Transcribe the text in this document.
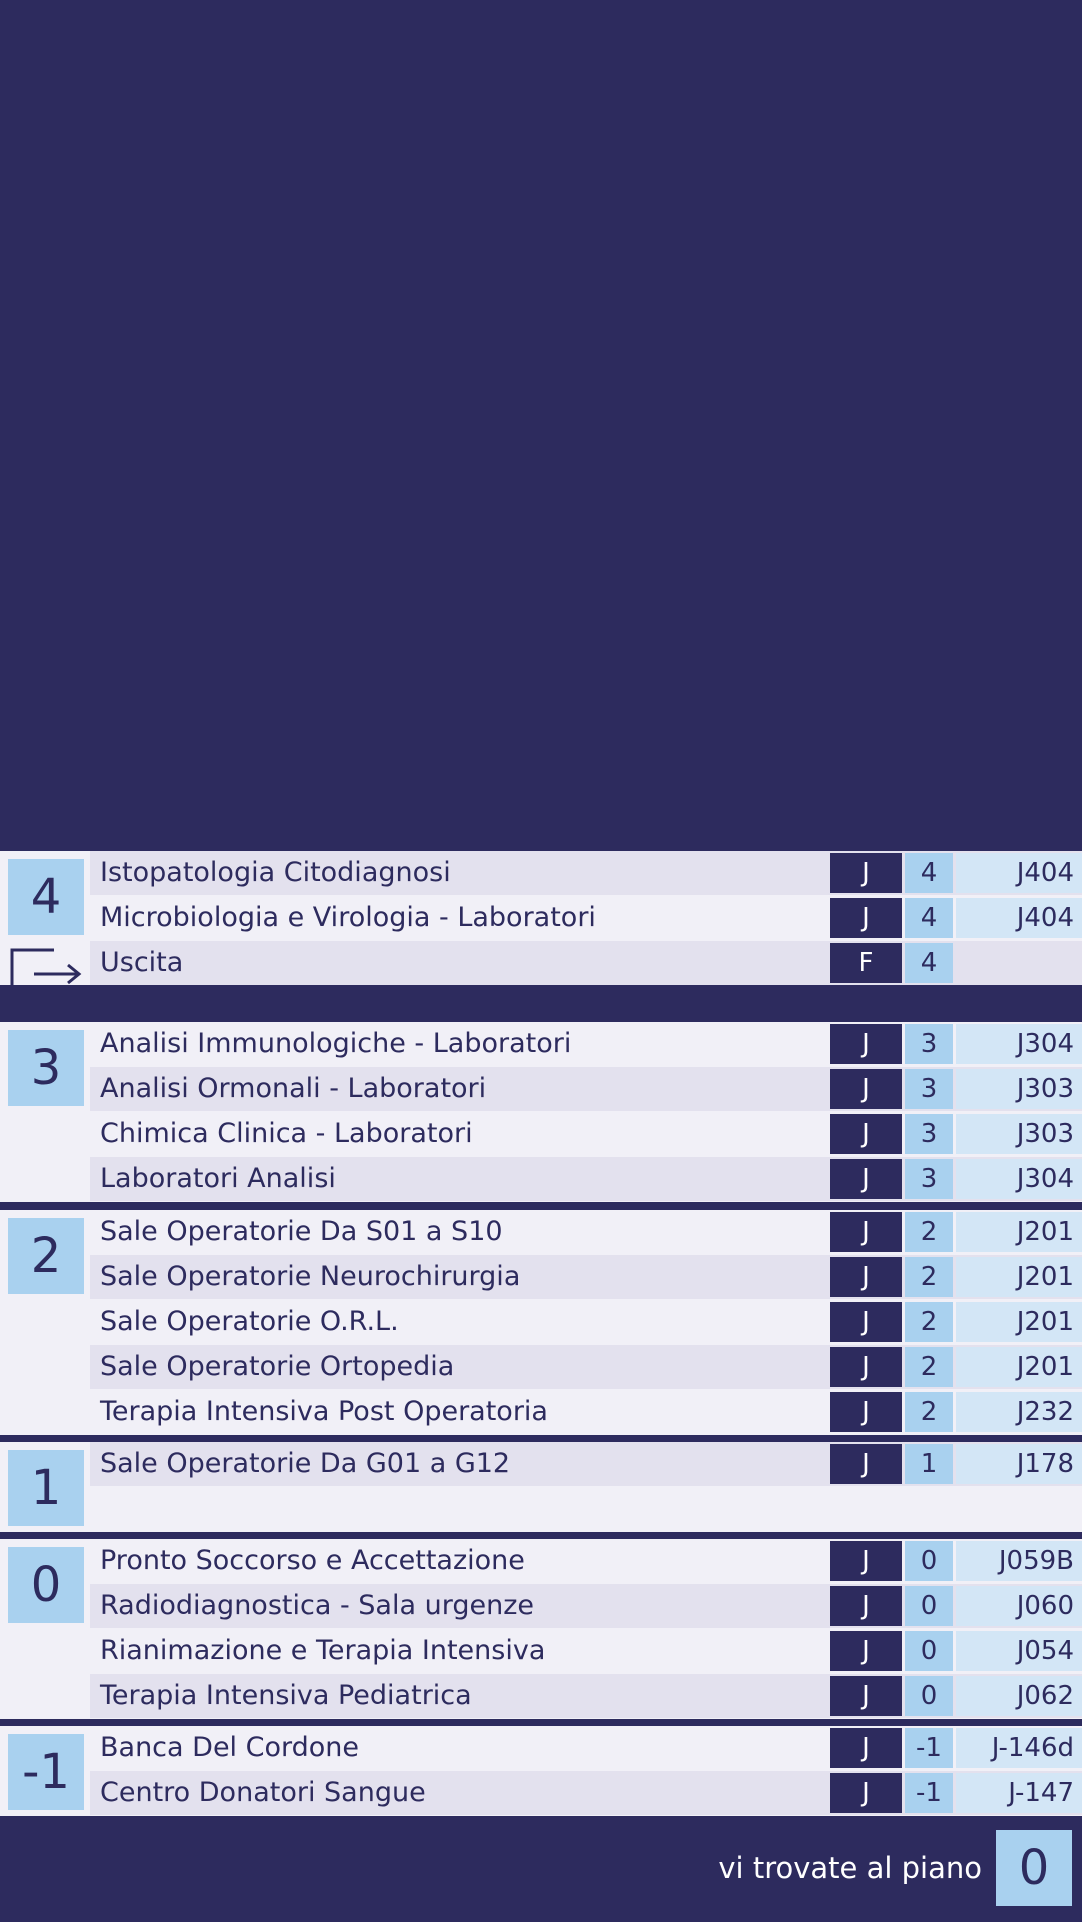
4	Istopatologia Citodiagnosi	J	4	J404
Microbiologia e Virologia - Laboratori	J	4	J404
Uscita	F	4
3	Analisi Immunologiche - Laboratori	J	3	J304
Analisi Ormonali - Laboratori	J	3	J303
Chimica Clinica - Laboratori	J	3	J303
Laboratori Analisi	J	3	J304
2	Sale Operatorie Da S01 a S10	J	2	J201
Sale Operatorie Neurochirurgia	J	2	J201
Sale Operatorie O.R.L.	J	2	J201
Sale Operatorie Ortopedia	J	2	J201
Terapia Intensiva Post Operatoria	J	2	J232
1	Sale Operatorie Da G01 a G12	J	1	J178
0	Pronto Soccorso e Accettazione	J	0	J059B
Radiodiagnostica - Sala urgenze	J	0	J060
Rianimazione e Terapia Intensiva	J	0	J054
Terapia Intensiva Pediatrica	J	0	J062
-1	Banca Del Cordone	J	-1	J-146d
Centro Donatori Sangue	J	-1	J-147
vi trovate al piano 0
